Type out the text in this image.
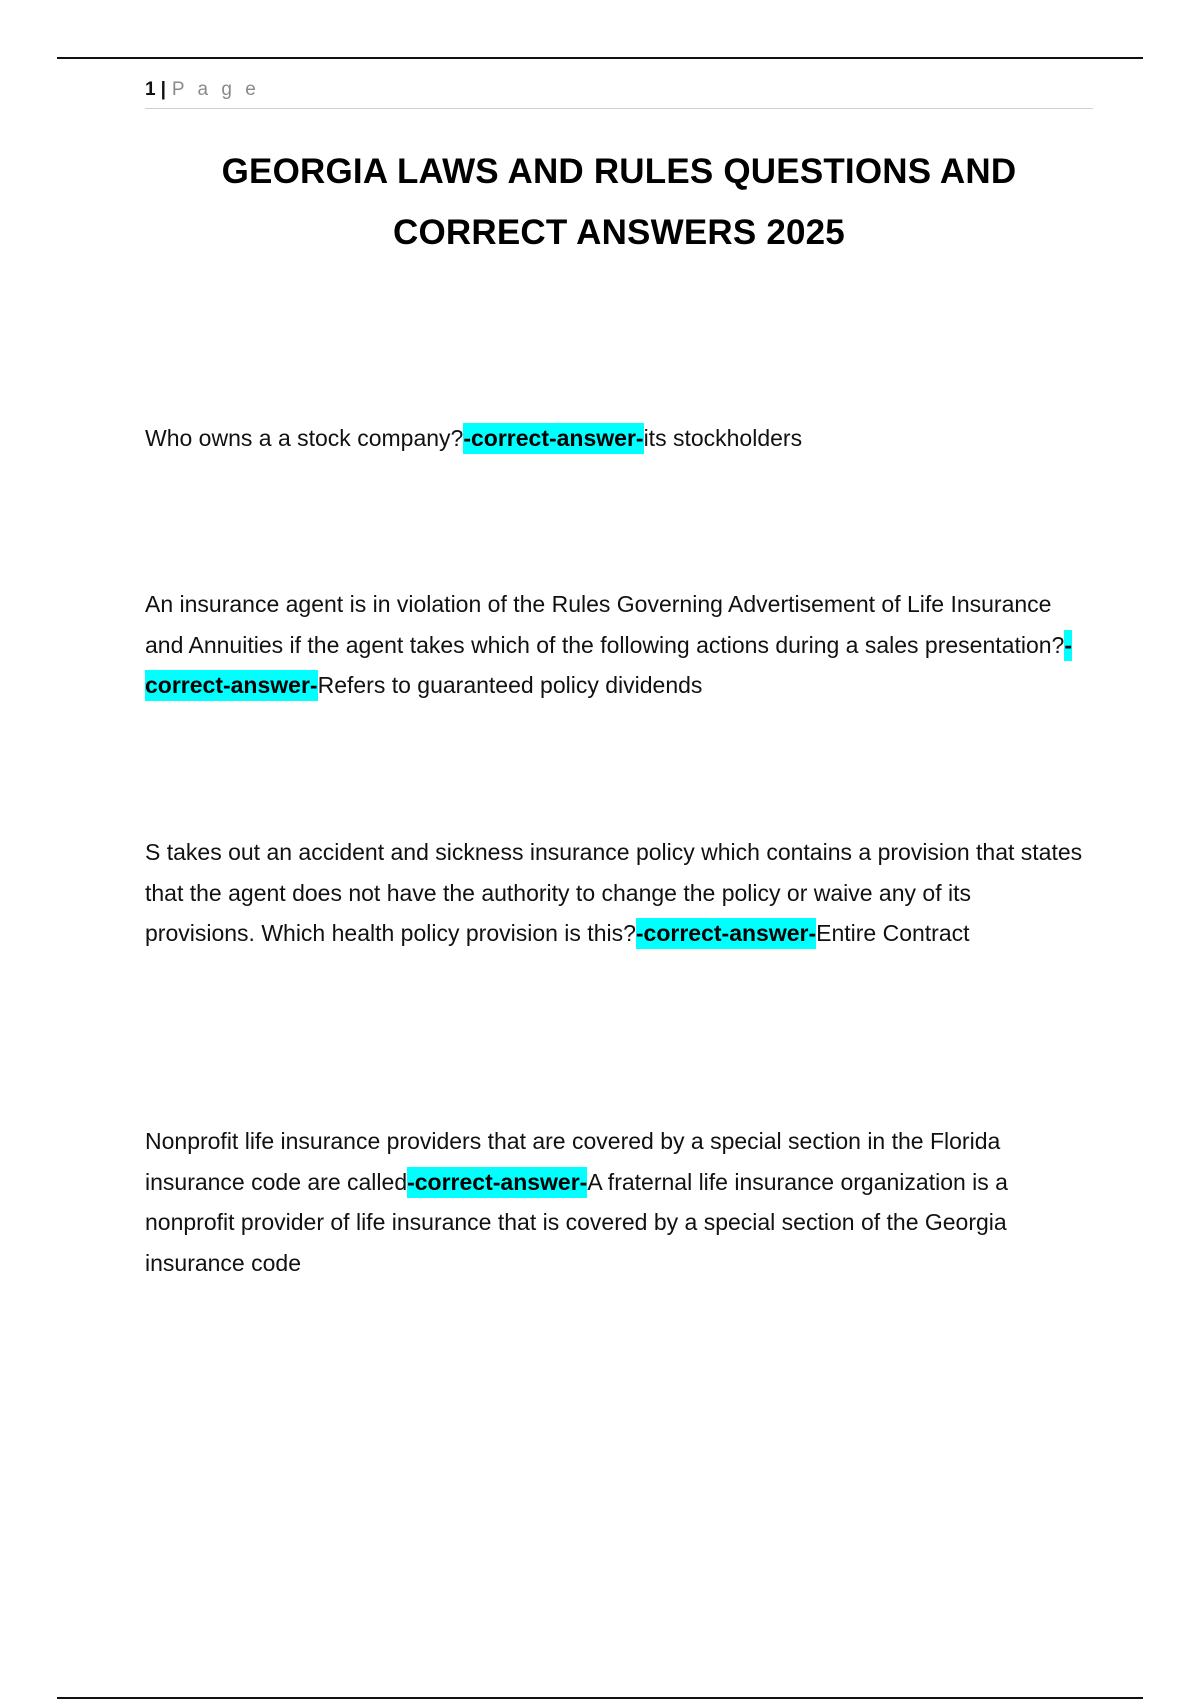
1 | P a g e
GEORGIA LAWS AND RULES QUESTIONS AND
CORRECT ANSWERS 2025

Who owns a a stock company?-correct-answer-its stockholders

An insurance agent is in violation of the Rules Governing Advertisement of Life Insurance and Annuities if the agent takes which of the following actions during a sales presentation?-correct-answer-Refers to guaranteed policy dividends

S takes out an accident and sickness insurance policy which contains a provision that states that the agent does not have the authority to change the policy or waive any of its provisions. Which health policy provision is this?-correct-answer-Entire Contract

Nonprofit life insurance providers that are covered by a special section in the Florida insurance code are called-correct-answer-A fraternal life insurance organization is a nonprofit provider of life insurance that is covered by a special section of the Georgia insurance code
